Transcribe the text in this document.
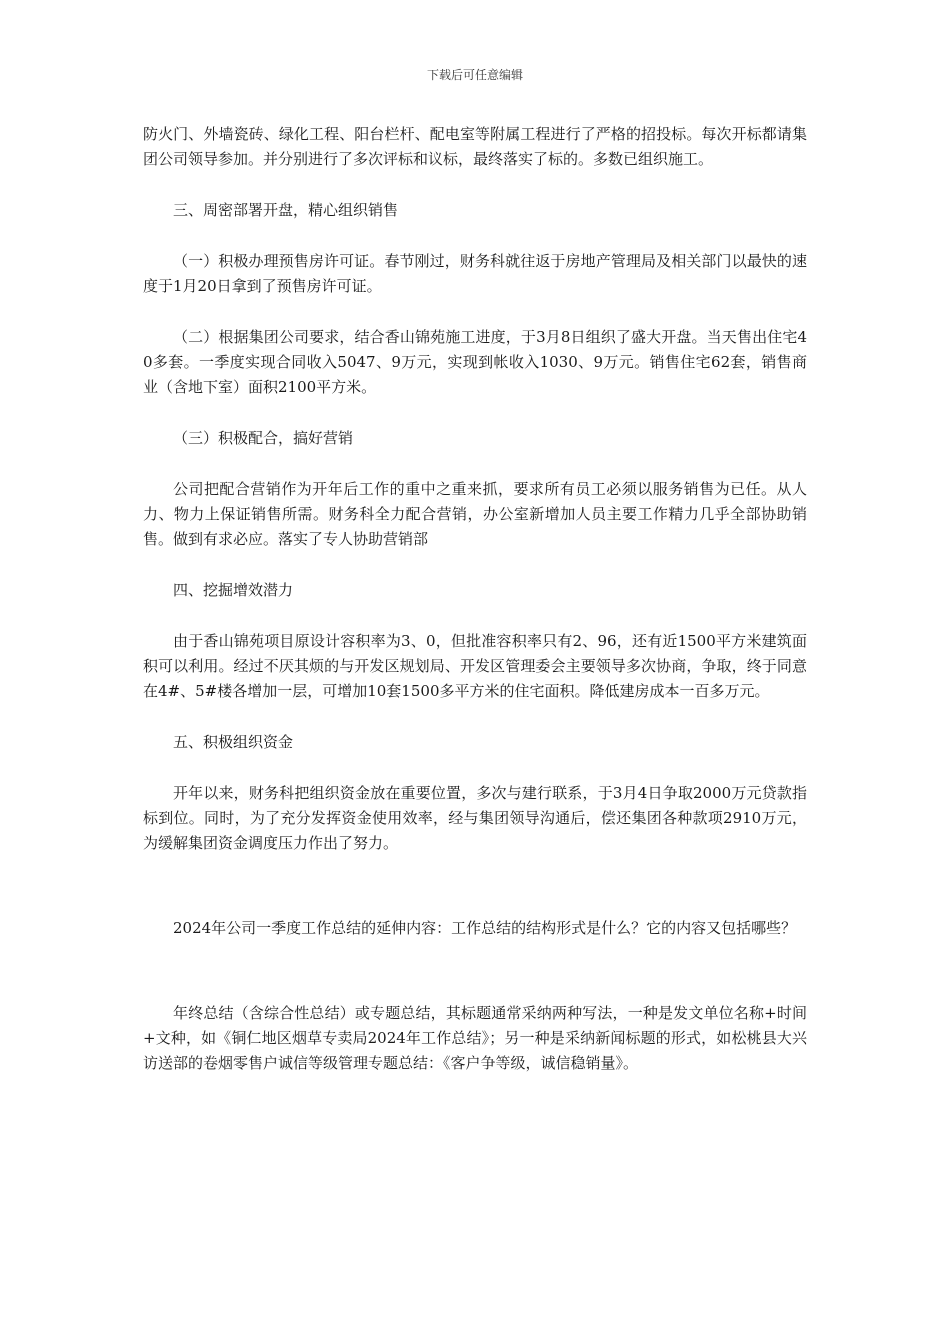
下载后可任意编辑

防火门、外墙瓷砖、绿化工程、阳台栏杆、配电室等附属工程进行了严格的招投标。每次开标都请集团公司领导参加。并分别进行了多次评标和议标，最终落实了标的。多数已组织施工。

三、周密部署开盘，精心组织销售

（一）积极办理预售房许可证。春节刚过，财务科就往返于房地产管理局及相关部门以最快的速度于1月20日拿到了预售房许可证。

（二）根据集团公司要求，结合香山锦苑施工进度，于3月8日组织了盛大开盘。当天售出住宅40多套。一季度实现合同收入5047、9万元，实现到帐收入1030、9万元。销售住宅62套，销售商业（含地下室）面积2100平方米。

（三）积极配合，搞好营销

公司把配合营销作为开年后工作的重中之重来抓，要求所有员工必须以服务销售为已任。从人力、物力上保证销售所需。财务科全力配合营销，办公室新增加人员主要工作精力几乎全部协助销售。做到有求必应。落实了专人协助营销部

四、挖掘增效潜力

由于香山锦苑项目原设计容积率为3、0，但批准容积率只有2、96，还有近1500平方米建筑面积可以利用。经过不厌其烦的与开发区规划局、开发区管理委会主要领导多次协商，争取，终于同意在4#、5#楼各增加一层，可增加10套1500多平方米的住宅面积。降低建房成本一百多万元。

五、积极组织资金

开年以来，财务科把组织资金放在重要位置，多次与建行联系，于3月4日争取2000万元贷款指标到位。同时，为了充分发挥资金使用效率，经与集团领导沟通后，偿还集团各种款项2910万元，为缓解集团资金调度压力作出了努力。

2024年公司一季度工作总结的延伸内容：工作总结的结构形式是什么？它的内容又包括哪些？

年终总结（含综合性总结）或专题总结，其标题通常采纳两种写法，一种是发文单位名称+时间+文种，如《铜仁地区烟草专卖局2024年工作总结》；另一种是采纳新闻标题的形式，如松桃县大兴访送部的卷烟零售户诚信等级管理专题总结：《客户争等级，诚信稳销量》。
